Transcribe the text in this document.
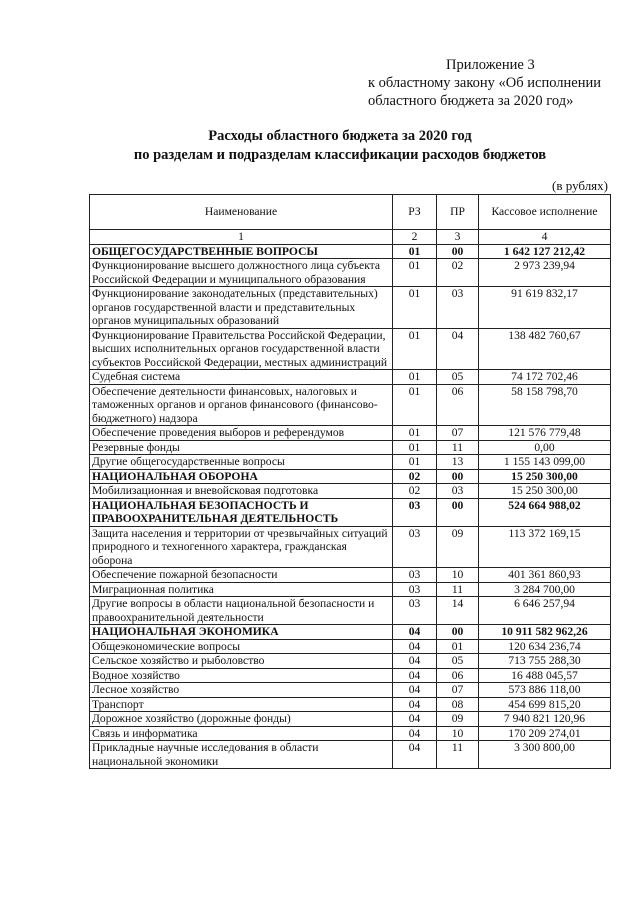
Приложение 3
к областному закону «Об исполнении
областного бюджета за 2020 год»
Расходы областного бюджета за 2020 год
по разделам и подразделам классификации расходов бюджетов
(в рублях)
Наименование	РЗ	ПР	Кассовое исполнение
1	2	3	4
ОБЩЕГОСУДАРСТВЕННЫЕ ВОПРОСЫ	01	00	1 642 127 212,42
Функционирование высшего должностного лица субъекта Российской Федерации и муниципального образования	01	02	2 973 239,94
Функционирование законодательных (представительных) органов государственной власти и представительных органов муниципальных образований	01	03	91 619 832,17
Функционирование Правительства Российской Федерации, высших исполнительных органов государственной власти субъектов Российской Федерации, местных администраций	01	04	138 482 760,67
Судебная система	01	05	74 172 702,46
Обеспечение деятельности финансовых, налоговых и таможенных органов и органов финансового (финансово-бюджетного) надзора	01	06	58 158 798,70
Обеспечение проведения выборов и референдумов	01	07	121 576 779,48
Резервные фонды	01	11	0,00
Другие общегосударственные вопросы	01	13	1 155 143 099,00
НАЦИОНАЛЬНАЯ ОБОРОНА	02	00	15 250 300,00
Мобилизационная и вневойсковая подготовка	02	03	15 250 300,00
НАЦИОНАЛЬНАЯ БЕЗОПАСНОСТЬ И ПРАВООХРАНИТЕЛЬНАЯ ДЕЯТЕЛЬНОСТЬ	03	00	524 664 988,02
Защита населения и территории от чрезвычайных ситуаций природного и техногенного характера, гражданская оборона	03	09	113 372 169,15
Обеспечение пожарной безопасности	03	10	401 361 860,93
Миграционная политика	03	11	3 284 700,00
Другие вопросы в области национальной безопасности и правоохранительной деятельности	03	14	6 646 257,94
НАЦИОНАЛЬНАЯ ЭКОНОМИКА	04	00	10 911 582 962,26
Общеэкономические вопросы	04	01	120 634 236,74
Сельское хозяйство и рыболовство	04	05	713 755 288,30
Водное хозяйство	04	06	16 488 045,57
Лесное хозяйство	04	07	573 886 118,00
Транспорт	04	08	454 699 815,20
Дорожное хозяйство (дорожные фонды)	04	09	7 940 821 120,96
Связь и информатика	04	10	170 209 274,01
Прикладные научные исследования в области национальной экономики	04	11	3 300 800,00
